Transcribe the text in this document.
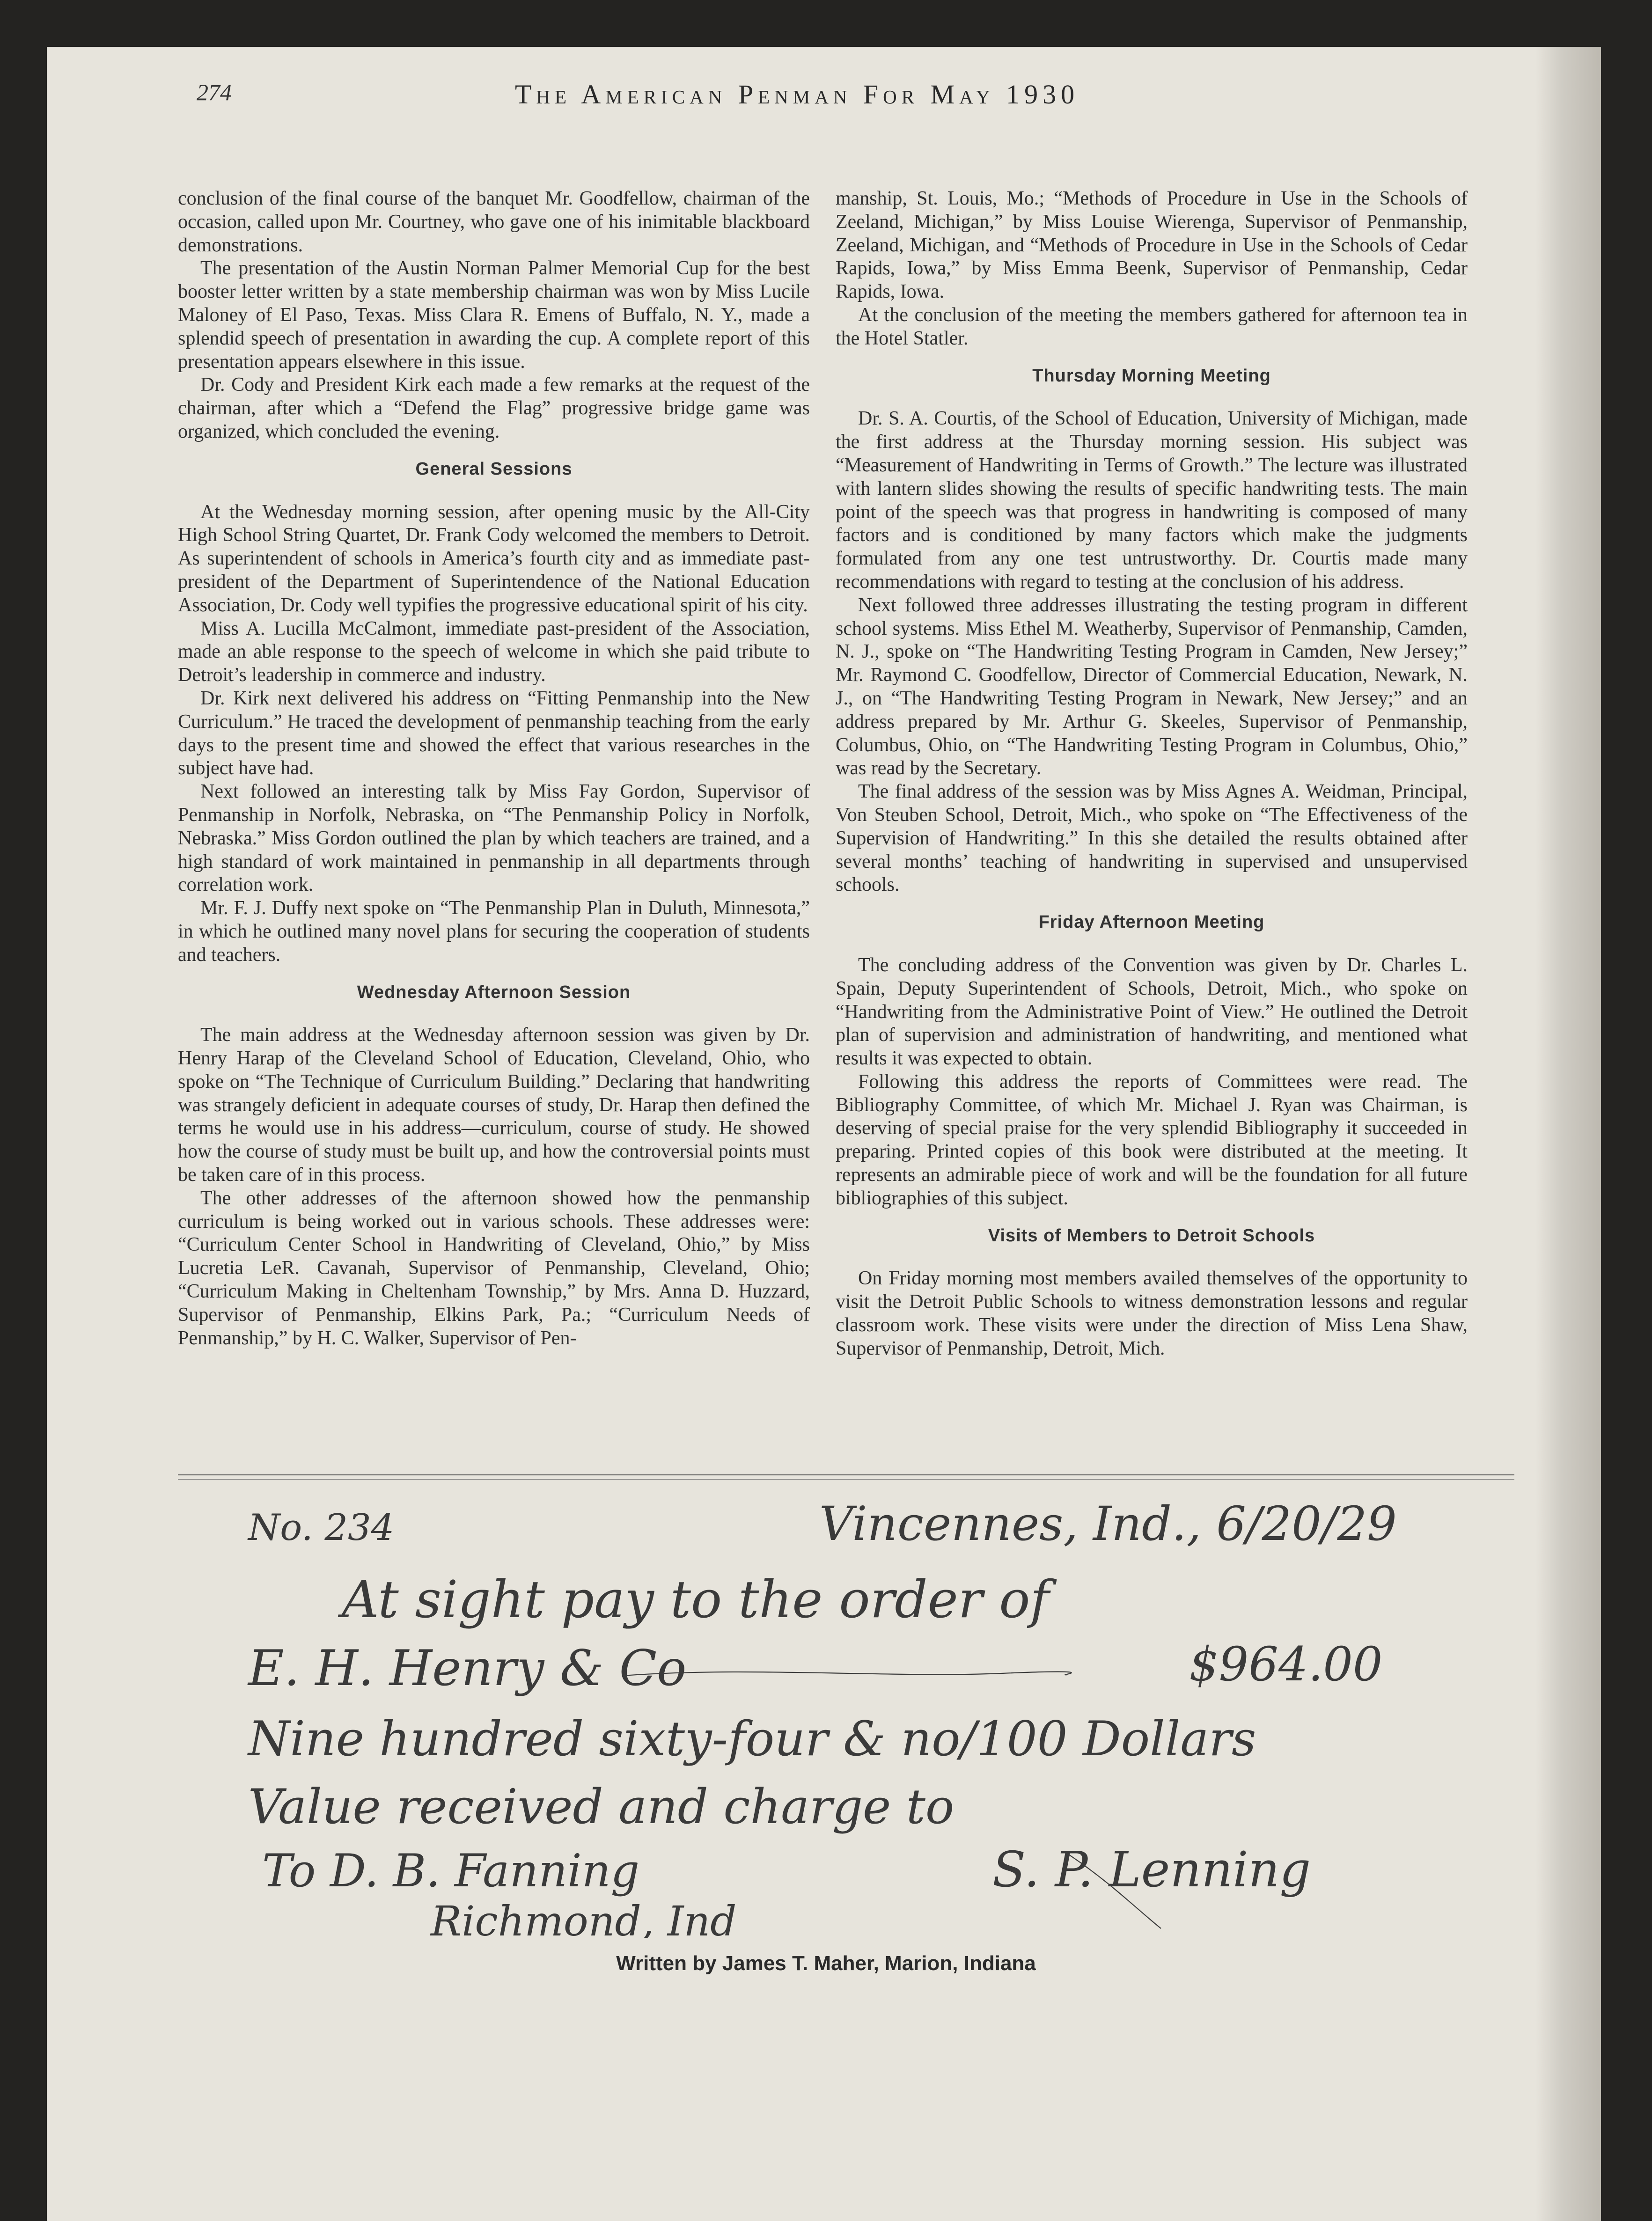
274	The American Penman For May 1930

conclusion of the final course of the banquet Mr. Goodfellow, chairman of the occasion, called upon Mr. Courtney, who gave one of his inimitable blackboard demonstrations.

The presentation of the Austin Norman Palmer Memorial Cup for the best booster letter written by a state membership chairman was won by Miss Lucile Maloney of El Paso, Texas. Miss Clara R. Emens of Buffalo, N. Y., made a splendid speech of presentation in awarding the cup. A complete report of this presentation appears elsewhere in this issue.

Dr. Cody and President Kirk each made a few remarks at the request of the chairman, after which a “Defend the Flag” progressive bridge game was organized, which concluded the evening.

General Sessions

At the Wednesday morning session, after opening music by the All-City High School String Quartet, Dr. Frank Cody welcomed the members to Detroit. As superintendent of schools in America’s fourth city and as immediate past-president of the Department of Superintendence of the National Education Association, Dr. Cody well typifies the progressive educational spirit of his city.

Miss A. Lucilla McCalmont, immediate past-president of the Association, made an able response to the speech of welcome in which she paid tribute to Detroit’s leadership in commerce and industry.

Dr. Kirk next delivered his address on “Fitting Penmanship into the New Curriculum.” He traced the development of penmanship teaching from the early days to the present time and showed the effect that various researches in the subject have had.

Next followed an interesting talk by Miss Fay Gordon, Supervisor of Penmanship in Norfolk, Nebraska, on “The Penmanship Policy in Norfolk, Nebraska.” Miss Gordon outlined the plan by which teachers are trained, and a high standard of work maintained in penmanship in all departments through correlation work.

Mr. F. J. Duffy next spoke on “The Penmanship Plan in Duluth, Minnesota,” in which he outlined many novel plans for securing the cooperation of students and teachers.

Wednesday Afternoon Session

The main address at the Wednesday afternoon session was given by Dr. Henry Harap of the Cleveland School of Education, Cleveland, Ohio, who spoke on “The Technique of Curriculum Building.” Declaring that handwriting was strangely deficient in adequate courses of study, Dr. Harap then defined the terms he would use in his address—curriculum, course of study. He showed how the course of study must be built up, and how the controversial points must be taken care of in this process.

The other addresses of the afternoon showed how the penmanship curriculum is being worked out in various schools. These addresses were: “Curriculum Center School in Handwriting of Cleveland, Ohio,” by Miss Lucretia LeR. Cavanah, Supervisor of Penmanship, Cleveland, Ohio; “Curriculum Making in Cheltenham Township,” by Mrs. Anna D. Huzzard, Supervisor of Penmanship, Elkins Park, Pa.; “Curriculum Needs of Penmanship,” by H. C. Walker, Supervisor of Pen-

manship, St. Louis, Mo.; “Methods of Procedure in Use in the Schools of Zeeland, Michigan,” by Miss Louise Wierenga, Supervisor of Penmanship, Zeeland, Michigan, and “Methods of Procedure in Use in the Schools of Cedar Rapids, Iowa,” by Miss Emma Beenk, Supervisor of Penmanship, Cedar Rapids, Iowa.

At the conclusion of the meeting the members gathered for afternoon tea in the Hotel Statler.

Thursday Morning Meeting

Dr. S. A. Courtis, of the School of Education, University of Michigan, made the first address at the Thursday morning session. His subject was “Measurement of Handwriting in Terms of Growth.” The lecture was illustrated with lantern slides showing the results of specific handwriting tests. The main point of the speech was that progress in handwriting is composed of many factors and is conditioned by many factors which make the judgments formulated from any one test untrustworthy. Dr. Courtis made many recommendations with regard to testing at the conclusion of his address.

Next followed three addresses illustrating the testing program in different school systems. Miss Ethel M. Weatherby, Supervisor of Penmanship, Camden, N. J., spoke on “The Handwriting Testing Program in Camden, New Jersey;” Mr. Raymond C. Goodfellow, Director of Commercial Education, Newark, N. J., on “The Handwriting Testing Program in Newark, New Jersey;” and an address prepared by Mr. Arthur G. Skeeles, Supervisor of Penmanship, Columbus, Ohio, on “The Handwriting Testing Program in Columbus, Ohio,” was read by the Secretary.

The final address of the session was by Miss Agnes A. Weidman, Principal, Von Steuben School, Detroit, Mich., who spoke on “The Effectiveness of the Supervision of Handwriting.” In this she detailed the results obtained after several months’ teaching of handwriting in supervised and unsupervised schools.

Friday Afternoon Meeting

The concluding address of the Convention was given by Dr. Charles L. Spain, Deputy Superintendent of Schools, Detroit, Mich., who spoke on “Handwriting from the Administrative Point of View.” He outlined the Detroit plan of supervision and administration of handwriting, and mentioned what results it was expected to obtain.

Following this address the reports of Committees were read. The Bibliography Committee, of which Mr. Michael J. Ryan was Chairman, is deserving of special praise for the very splendid Bibliography it succeeded in preparing. Printed copies of this book were distributed at the meeting. It represents an admirable piece of work and will be the foundation for all future bibliographies of this subject.

Visits of Members to Detroit Schools

On Friday morning most members availed themselves of the opportunity to visit the Detroit Public Schools to witness demonstration lessons and regular classroom work. These visits were under the direction of Miss Lena Shaw, Supervisor of Penmanship, Detroit, Mich.

No. 234	Vincennes, Ind., 6/20/29
At sight pay to the order of
E. H. Henry & Co	$964.00
Nine hundred sixty-four & no/100 Dollars
Value received and charge to
To D. B. Fanning	S. P. Lenning
Richmond, Ind
Written by James T. Maher, Marion, Indiana
